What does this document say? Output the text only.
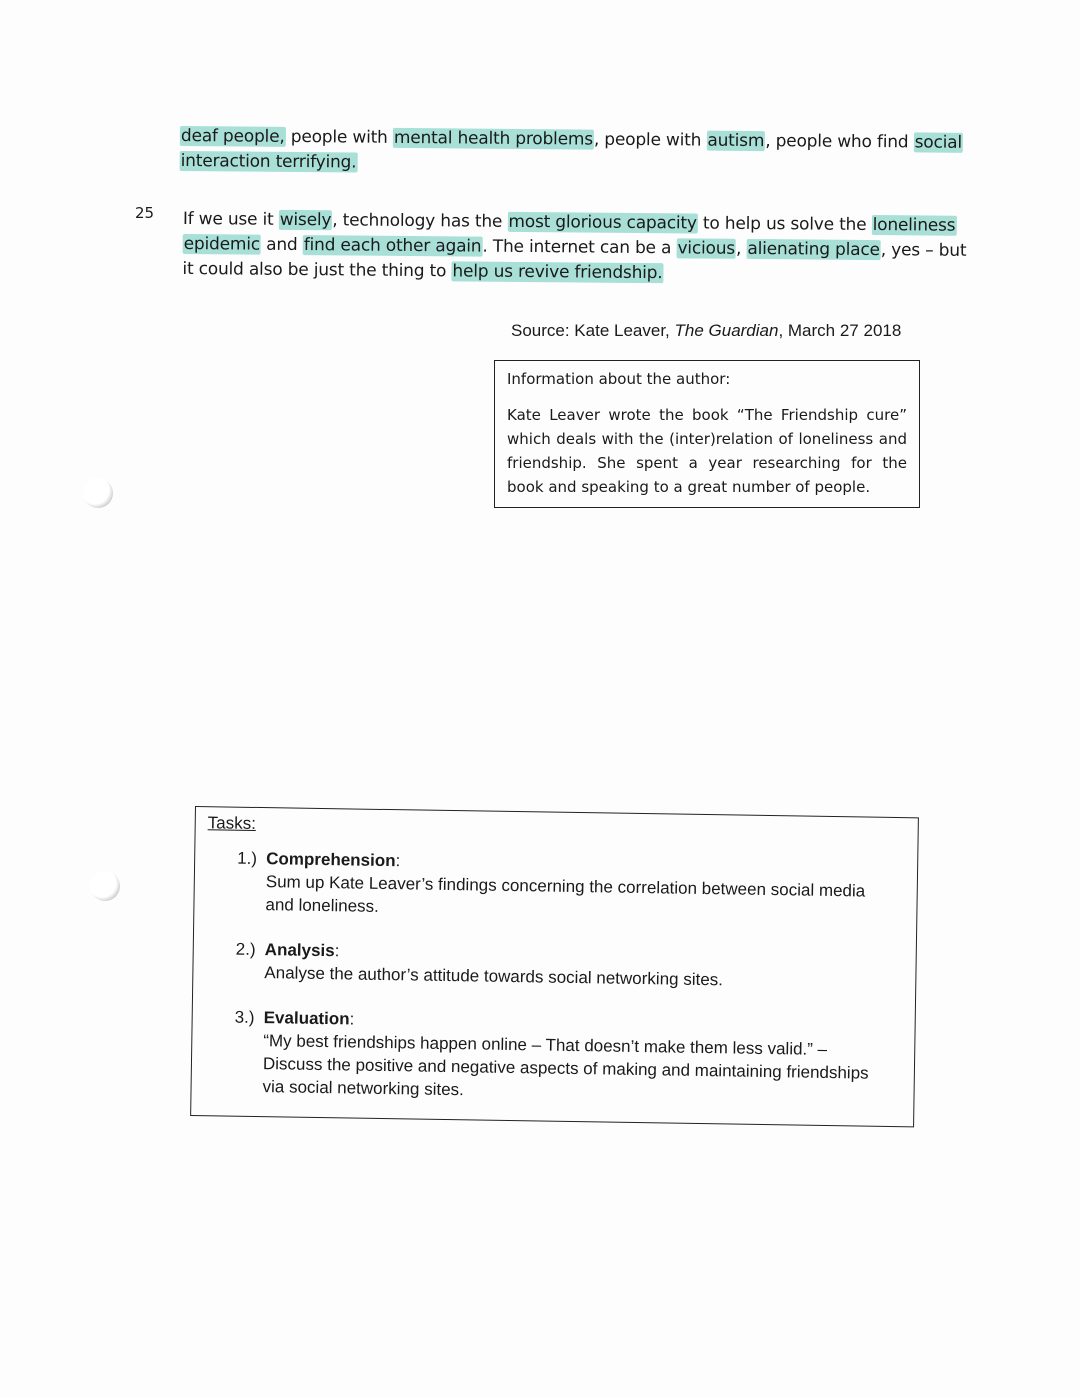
deaf people, people with mental health problems, people with autism, people who find social
interaction terrifying.
25 If we use it wisely, technology has the most glorious capacity to help us solve the loneliness
epidemic and find each other again. The internet can be a vicious, alienating place, yes – but
it could also be just the thing to help us revive friendship.
Source: Kate Leaver, The Guardian, March 27 2018
Information about the author:
Kate Leaver wrote the book “The Friendship cure” which deals with the (inter)relation of loneliness and friendship. She spent a year researching for the book and speaking to a great number of people.
Tasks:
1.) Comprehension:
Sum up Kate Leaver’s findings concerning the correlation between social media
and loneliness.
2.) Analysis:
Analyse the author’s attitude towards social networking sites.
3.) Evaluation:
“My best friendships happen online – That doesn’t make them less valid.” –
Discuss the positive and negative aspects of making and maintaining friendships
via social networking sites.
